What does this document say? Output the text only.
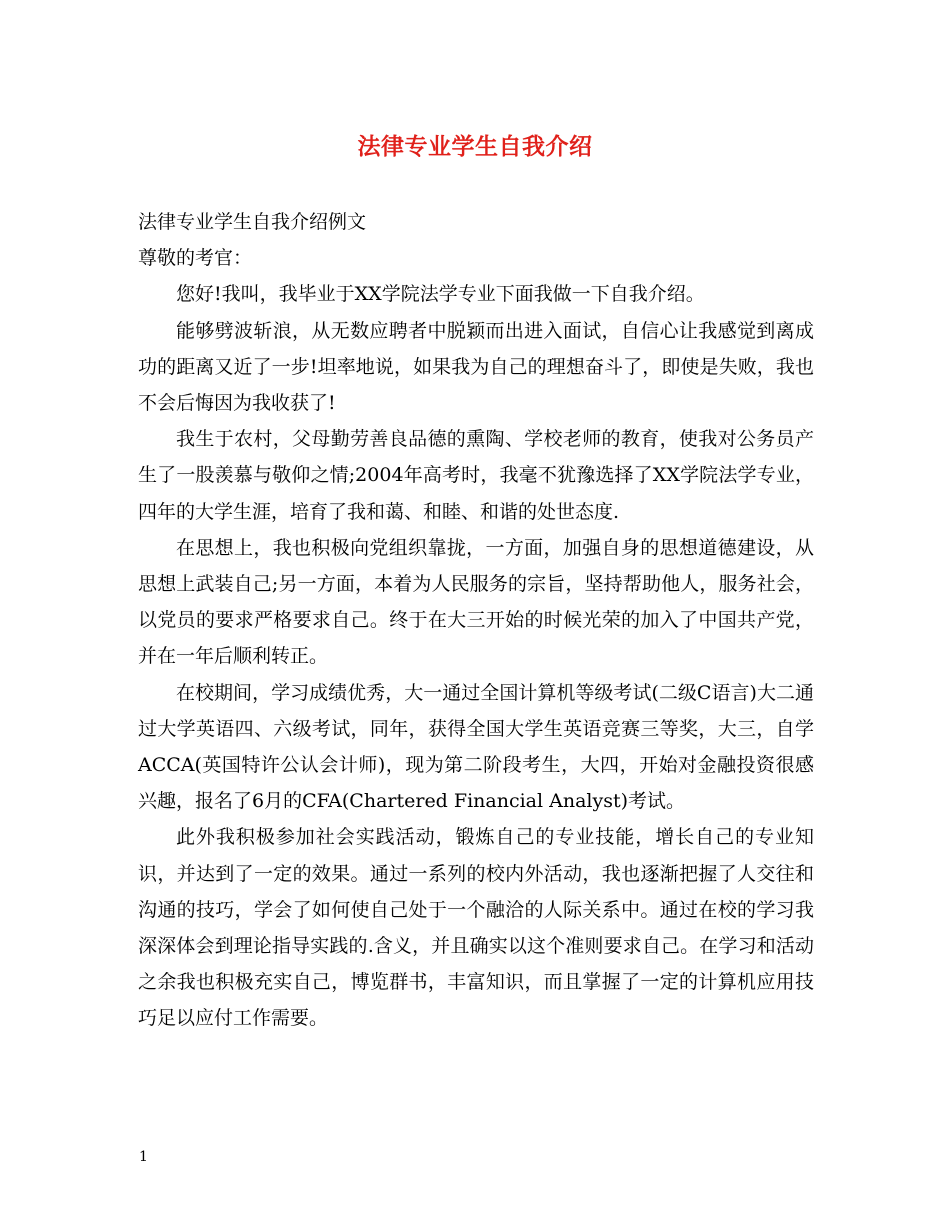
法律专业学生自我介绍

法律专业学生自我介绍例文

尊敬的考官：

您好!我叫，我毕业于XX学院法学专业下面我做一下自我介绍。

能够劈波斩浪，从无数应聘者中脱颖而出进入面试，自信心让我感觉到离成功的距离又近了一步!坦率地说，如果我为自己的理想奋斗了，即使是失败，我也不会后悔因为我收获了!

我生于农村，父母勤劳善良品德的熏陶、学校老师的教育，使我对公务员产生了一股羡慕与敬仰之情;2004年高考时，我毫不犹豫选择了XX学院法学专业，四年的大学生涯，培育了我和蔼、和睦、和谐的处世态度.

在思想上，我也积极向党组织靠拢，一方面，加强自身的思想道德建设，从思想上武装自己;另一方面，本着为人民服务的宗旨，坚持帮助他人，服务社会，以党员的要求严格要求自己。终于在大三开始的时候光荣的加入了中国共产党，并在一年后顺利转正。

在校期间，学习成绩优秀，大一通过全国计算机等级考试(二级C语言)大二通过大学英语四、六级考试，同年，获得全国大学生英语竞赛三等奖，大三，自学ACCA(英国特许公认会计师)，现为第二阶段考生，大四，开始对金融投资很感兴趣，报名了6月的CFA(Chartered Financial Analyst)考试。

此外我积极参加社会实践活动，锻炼自己的专业技能，增长自己的专业知识，并达到了一定的效果。通过一系列的校内外活动，我也逐渐把握了人交往和沟通的技巧，学会了如何使自己处于一个融洽的人际关系中。通过在校的学习我深深体会到理论指导实践的.含义，并且确实以这个准则要求自己。在学习和活动之余我也积极充实自己，博览群书，丰富知识，而且掌握了一定的计算机应用技巧足以应付工作需要。

1
